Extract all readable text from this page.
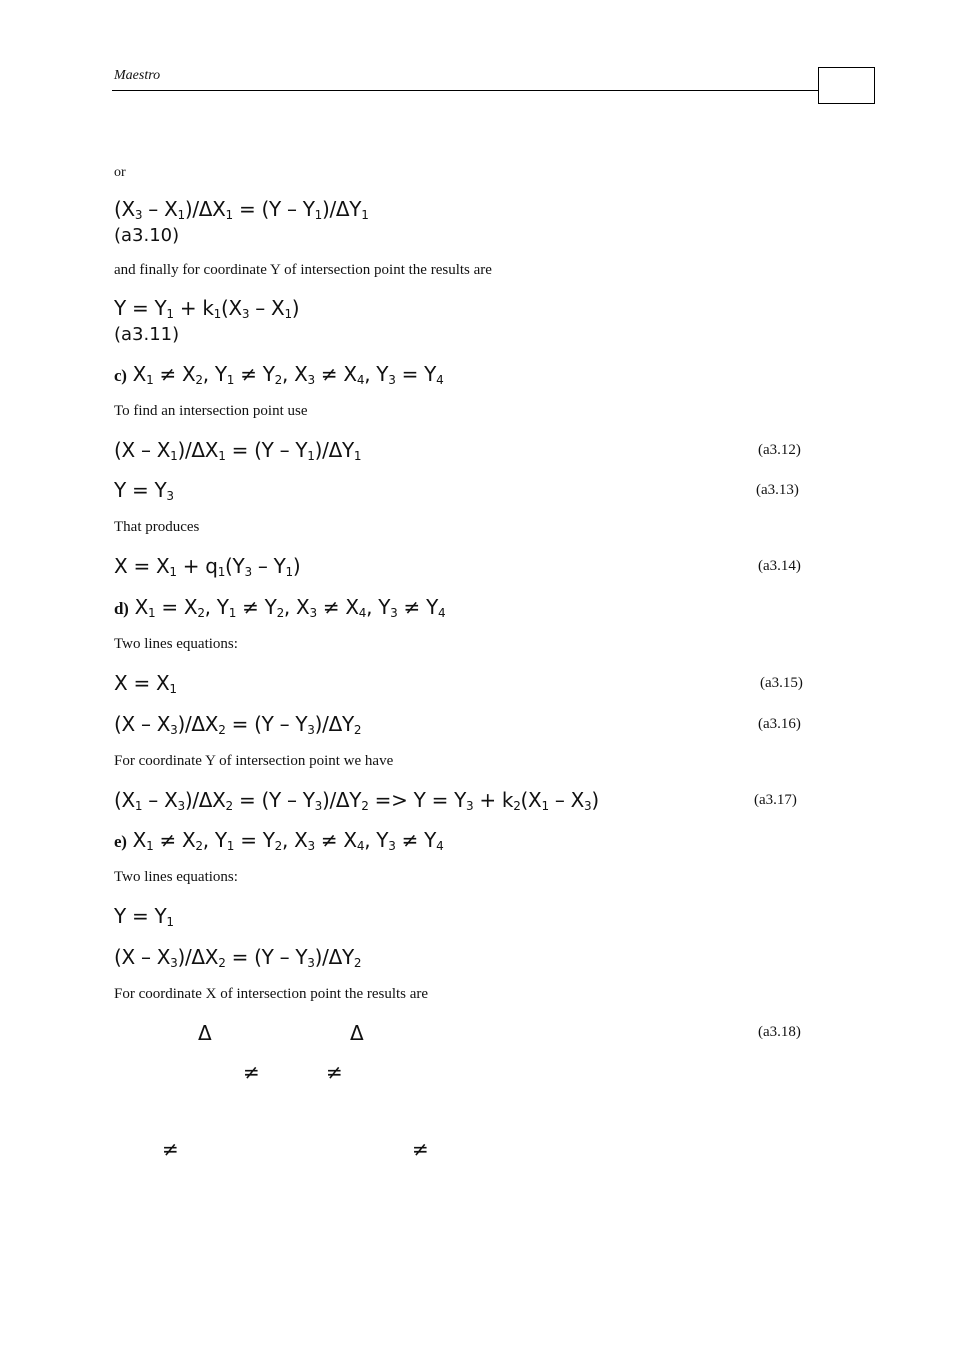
Maestro
or
$(X_3 - X_1)/\Delta X_1 = (Y - Y_1)/\Delta Y_1$
(a3.10)
and finally for coordinate Y of intersection point the results are
$Y = Y_1 + k_1(X_3 - X_1)$
(a3.11)
c) $X_1 \ne X_2$, $Y_1 \ne Y_2$, $X_3 \ne X_4$, $Y_3 = Y_4$
To find an intersection point use
$(X - X_1)/\Delta X_1 = (Y - Y_1)/\Delta Y_1$	(a3.12)
$Y = Y_3$	(a3.13)
That produces
$X = X_1 + q_1(Y_3 - Y_1)$	(a3.14)
d) $X_1 = X_2$, $Y_1 \ne Y_2$, $X_3 \ne X_4$, $Y_3 \ne Y_4$
Two lines equations:
$X = X_1$	(a3.15)
$(X - X_3)/\Delta X_2 = (Y - Y_3)/\Delta Y_2$	(a3.16)
For coordinate Y of intersection point we have
$(X_1 - X_3)/\Delta X_2 = (Y - Y_3)/\Delta Y_2 => Y = Y_3 + k_2(X_1 - X_3)$	(a3.17)
e) $X_1 \ne X_2$, $Y_1 = Y_2$, $X_3 \ne X_4$, $Y_3 \ne Y_4$
Two lines equations:
$Y = Y_1$
$(X - X_3)/\Delta X_2 = (Y - Y_3)/\Delta Y_2$
For coordinate X of intersection point the results are
Δ	Δ	(a3.18)
≠	≠
≠	≠
